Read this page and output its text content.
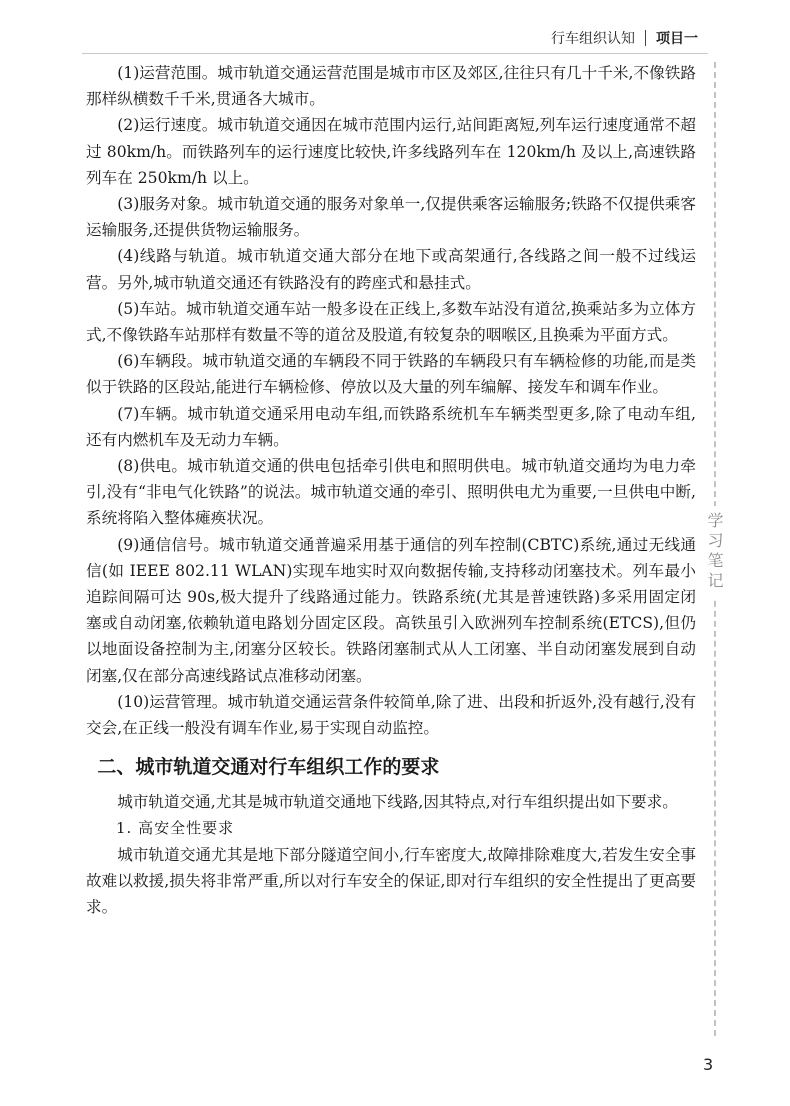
行车组织认知 项目一

(1)运营范围。城市轨道交通运营范围是城市市区及郊区,往往只有几十千米,不像铁路那样纵横数千千米,贯通各大城市。

(2)运行速度。城市轨道交通因在城市范围内运行,站间距离短,列车运行速度通常不超过 80km/h。而铁路列车的运行速度比较快,许多线路列车在 120km/h 及以上,高速铁路列车在 250km/h 以上。

(3)服务对象。城市轨道交通的服务对象单一,仅提供乘客运输服务;铁路不仅提供乘客运输服务,还提供货物运输服务。

(4)线路与轨道。城市轨道交通大部分在地下或高架通行,各线路之间一般不过线运营。另外,城市轨道交通还有铁路没有的跨座式和悬挂式。

(5)车站。城市轨道交通车站一般多设在正线上,多数车站没有道岔,换乘站多为立体方式,不像铁路车站那样有数量不等的道岔及股道,有较复杂的咽喉区,且换乘为平面方式。

(6)车辆段。城市轨道交通的车辆段不同于铁路的车辆段只有车辆检修的功能,而是类似于铁路的区段站,能进行车辆检修、停放以及大量的列车编解、接发车和调车作业。

(7)车辆。城市轨道交通采用电动车组,而铁路系统机车车辆类型更多,除了电动车组,还有内燃机车及无动力车辆。

(8)供电。城市轨道交通的供电包括牵引供电和照明供电。城市轨道交通均为电力牵引,没有“非电气化铁路”的说法。城市轨道交通的牵引、照明供电尤为重要,一旦供电中断,系统将陷入整体瘫痪状况。

(9)通信信号。城市轨道交通普遍采用基于通信的列车控制(CBTC)系统,通过无线通信(如 IEEE 802.11 WLAN)实现车地实时双向数据传输,支持移动闭塞技术。列车最小追踪间隔可达 90s,极大提升了线路通过能力。铁路系统(尤其是普速铁路)多采用固定闭塞或自动闭塞,依赖轨道电路划分固定区段。高铁虽引入欧洲列车控制系统(ETCS),但仍以地面设备控制为主,闭塞分区较长。铁路闭塞制式从人工闭塞、半自动闭塞发展到自动闭塞,仅在部分高速线路试点准移动闭塞。

(10)运营管理。城市轨道交通运营条件较简单,除了进、出段和折返外,没有越行,没有交会,在正线一般没有调车作业,易于实现自动监控。

二、城市轨道交通对行车组织工作的要求

城市轨道交通,尤其是城市轨道交通地下线路,因其特点,对行车组织提出如下要求。

1. 高安全性要求

城市轨道交通尤其是地下部分隧道空间小,行车密度大,故障排除难度大,若发生安全事故难以救援,损失将非常严重,所以对行车安全的保证,即对行车组织的安全性提出了更高要求。

学习笔记
3
